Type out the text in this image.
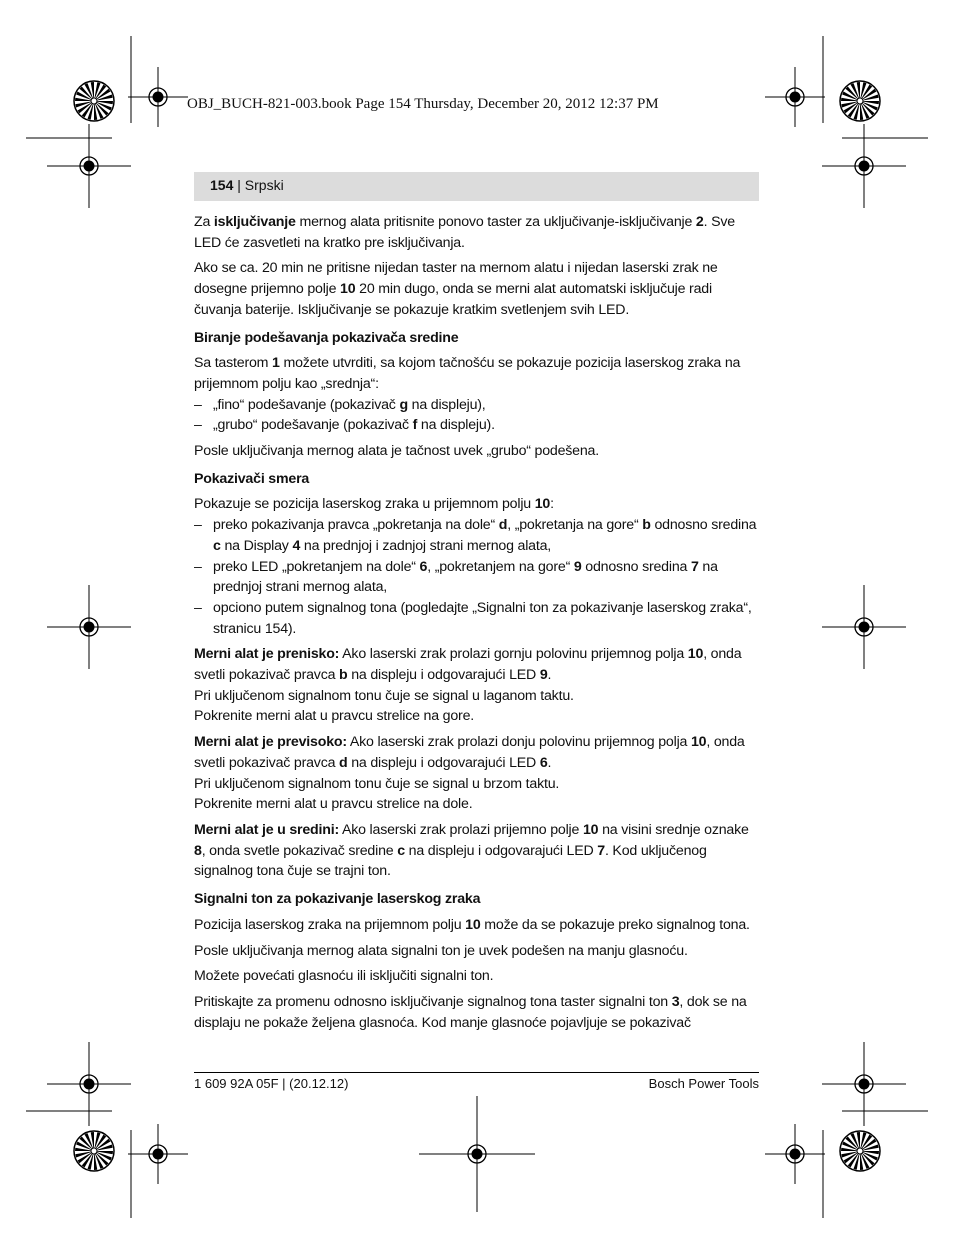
OBJ_BUCH-821-003.book Page 154 Thursday, December 20, 2012 12:37 PM
154 | Srpski

Za isključivanje mernog alata pritisnite ponovo taster za uključivanje-isključivanje 2. Sve LED će zasvetleti na kratko pre isključivanja.

Ako se ca. 20 min ne pritisne nijedan taster na mernom alatu i nijedan laserski zrak ne dosegne prijemno polje 10 20 min dugo, onda se merni alat automatski isključuje radi čuvanja baterije. Isključivanje se pokazuje kratkim svetlenjem svih LED.

Biranje podešavanja pokazivača sredine

Sa tasterom 1 možete utvrditi, sa kojom tačnošću se pokazuje pozicija laserskog zraka na prijemnom polju kao „srednja“:

– „fino“ podešavanje (pokazivač g na displeju),
– „grubo“ podešavanje (pokazivač f na displeju).

Posle uključivanja mernog alata je tačnost uvek „grubo“ podešena.

Pokazivači smera

Pokazuje se pozicija laserskog zraka u prijemnom polju 10:

– preko pokazivanja pravca „pokretanja na dole“ d, „pokretanja na gore“ b odnosno sredina c na Display 4 na prednjoj i zadnjoj strani mernog alata,
– preko LED „pokretanjem na dole“ 6, „pokretanjem na gore“ 9 odnosno sredina 7 na prednjoj strani mernog alata,
– opciono putem signalnog tona (pogledajte „Signalni ton za pokazivanje laserskog zraka“, stranicu 154).

Merni alat je prenisko: Ako laserski zrak prolazi gornju polovinu prijemnog polja 10, onda svetli pokazivač pravca b na displeju i odgovarajući LED 9.
Pri uključenom signalnom tonu čuje se signal u laganom taktu.
Pokrenite merni alat u pravcu strelice na gore.

Merni alat je previsoko: Ako laserski zrak prolazi donju polovinu prijemnog polja 10, onda svetli pokazivač pravca d na displeju i odgovarajući LED 6.
Pri uključenom signalnom tonu čuje se signal u brzom taktu.
Pokrenite merni alat u pravcu strelice na dole.

Merni alat je u sredini: Ako laserski zrak prolazi prijemno polje 10 na visini srednje oznake 8, onda svetle pokazivač sredine c na displeju i odgovarajući LED 7. Kod uključenog signalnog tona čuje se trajni ton.

Signalni ton za pokazivanje laserskog zraka

Pozicija laserskog zraka na prijemnom polju 10 može da se pokazuje preko signalnog tona.

Posle uključivanja mernog alata signalni ton je uvek podešen na manju glasnoću.

Možete povećati glasnoću ili isključiti signalni ton.

Pritiskajte za promenu odnosno isključivanje signalnog tona taster signalni ton 3, dok se na displaju ne pokaže željena glasnoća. Kod manje glasnoće pojavljuje se pokazivač

1 609 92A 05F | (20.12.12)	Bosch Power Tools
